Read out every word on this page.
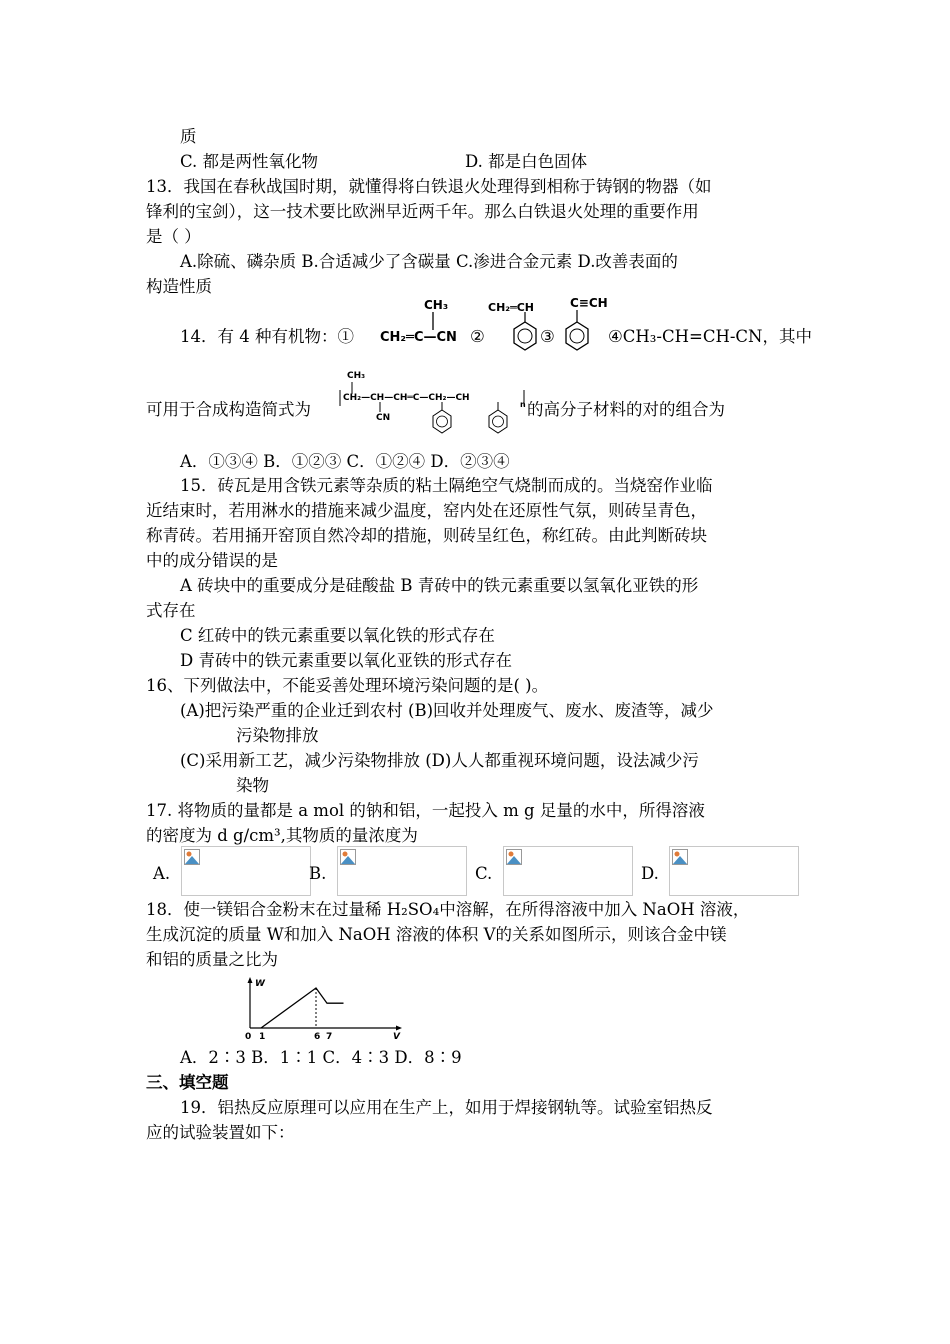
质
C. 都是两性氧化物	D. 都是白色固体
13．我国在春秋战国时期，就懂得将白铁退火处理得到相称于铸钢的物器（如
锋利的宝剑），这一技术要比欧洲早近两千年。那么白铁退火处理的重要作用
是（ ）
A.除硫、磷杂质 B.合适减少了含碳量 C.渗进合金元素 D.改善表面的
构造性质
14．有 4 种有机物：①
CH₃
CH₂═C—CN ②
CH₂═CH
③
C≡CH
④CH₃-CH=CH-CN，其中
可用于合成构造简式为
CH₃
CH₂—CH—CH═C—CH₂—CH
CN
n 的高分子材料的对的组合为
A．①③④ B．①②③ C．①②④ D．②③④
15．砖瓦是用含铁元素等杂质的粘土隔绝空气烧制而成的。当烧窑作业临
近结束时，若用淋水的措施来减少温度，窑内处在还原性气氛，则砖呈青色，
称青砖。若用捅开窑顶自然冷却的措施，则砖呈红色，称红砖。由此判断砖块
中的成分错误的是
A 砖块中的重要成分是硅酸盐 B 青砖中的铁元素重要以氢氧化亚铁的形
式存在
C 红砖中的铁元素重要以氧化铁的形式存在
D 青砖中的铁元素重要以氧化亚铁的形式存在
16、下列做法中，不能妥善处理环境污染问题的是( )。
(A)把污染严重的企业迁到农村 (B)回收并处理废气、废水、废渣等，减少
污染物排放
(C)采用新工艺，减少污染物排放 (D)人人都重视环境问题，设法减少污
染物
17. 将物质的量都是 a mol 的钠和铝，一起投入 m g 足量的水中，所得溶液
的密度为 d g/cm³,其物质的量浓度为
A.	B.	C.	D.
18．使一镁铝合金粉末在过量稀 H₂SO₄中溶解，在所得溶液中加入 NaOH 溶液，
生成沉淀的质量 W和加入 NaOH 溶液的体积 V的关系如图所示，则该合金中镁
和铝的质量之比为
W
V
0 1	6 7
A．2∶3 B．1∶1 C．4∶3 D．8∶9
三、填空题
19．铝热反应原理可以应用在生产上，如用于焊接钢轨等。试验室铝热反
应的试验装置如下：
